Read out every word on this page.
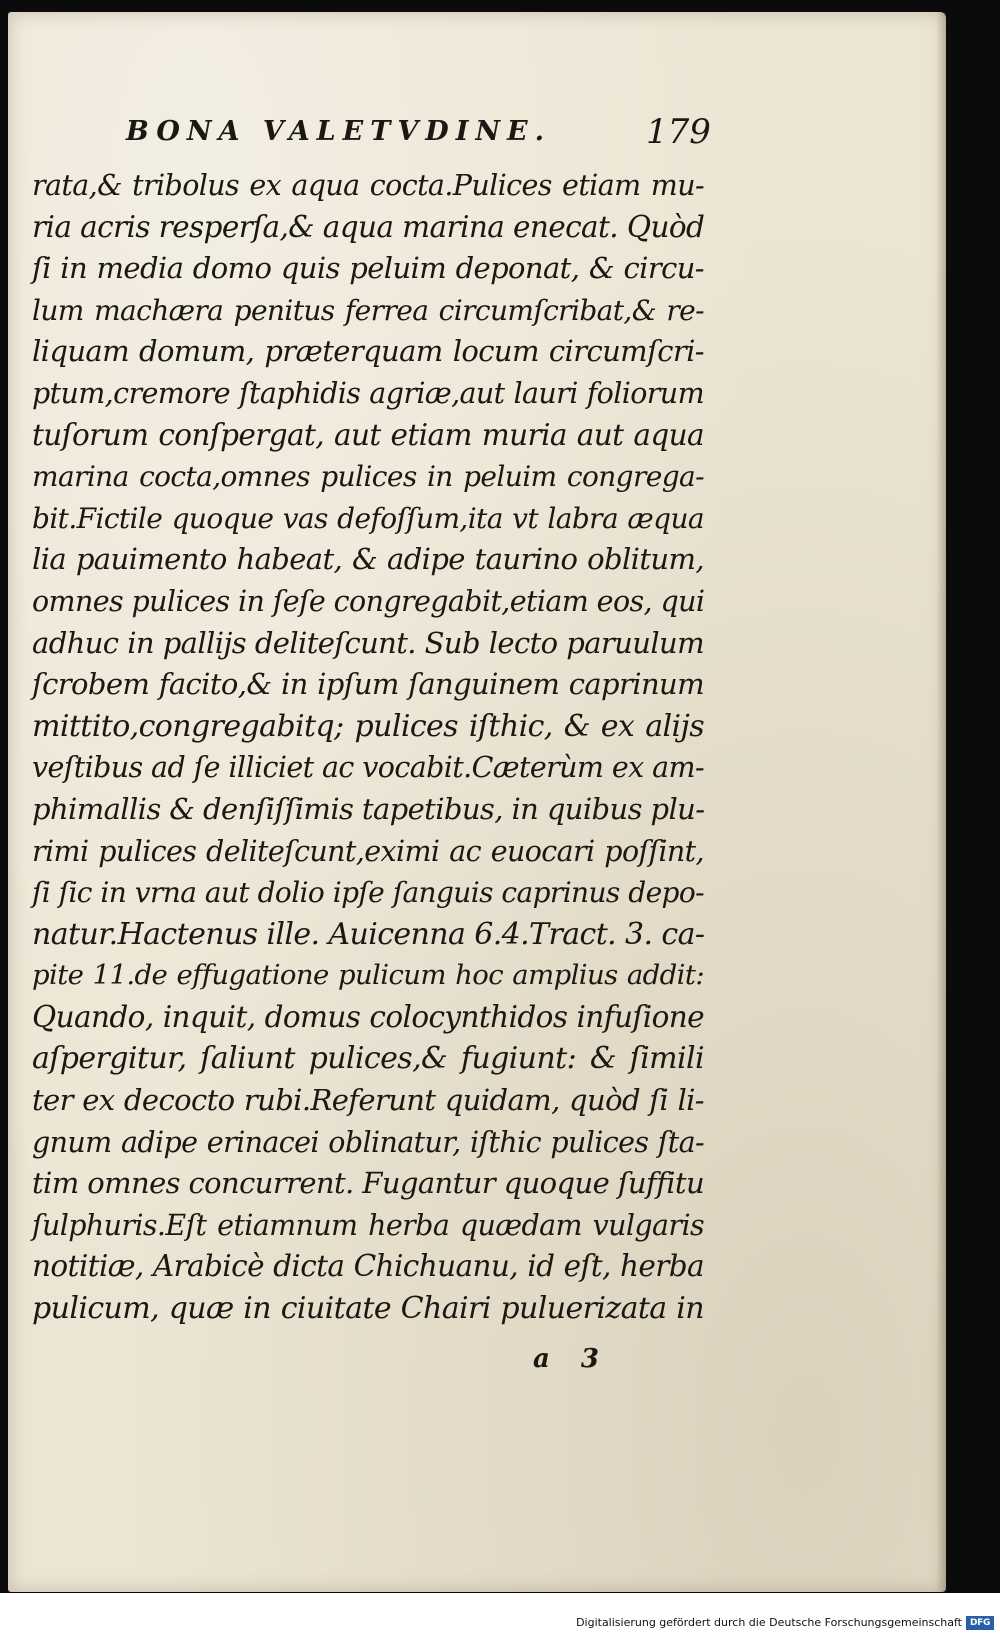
BONA VALETVDINE.	179
rata,& tribolus ex aqua cocta.Pulices etiam mu-
ria acris resperſa,& aqua marina enecat. Quòd
ſi in media domo quis peluim deponat, & circu-
lum machæra penitus ferrea circumſcribat,& re-
liquam domum, præterquam locum circumſcri-
ptum,cremore ſtaphidis agriæ,aut lauri foliorum
tuſorum conſpergat, aut etiam muria aut aqua
marina cocta,omnes pulices in peluim congrega-
bit.Fictile quoque vas defoſſum,ita vt labra æqua
lia pauimento habeat, & adipe taurino oblitum,
omnes pulices in ſeſe congregabit,etiam eos, qui
adhuc in pallijs deliteſcunt. Sub lecto paruulum
ſcrobem facito,& in ipſum ſanguinem caprinum
mittito,congregabitq; pulices iſthic, & ex alijs
veſtibus ad ſe illiciet ac vocabit.Cæterùm ex am-
phimallis & denſiſſimis tapetibus, in quibus plu-
rimi pulices deliteſcunt,eximi ac euocari poſſint,
ſi ſic in vrna aut dolio ipſe ſanguis caprinus depo-
natur.Hactenus ille. Auicenna 6.4.Tract. 3. ca-
pite 11.de effugatione pulicum hoc amplius addit:
Quando, inquit, domus colocynthidos infuſione
aſpergitur, ſaliunt pulices,& fugiunt: & ſimili
ter ex decocto rubi.Referunt quidam, quòd ſi li-
gnum adipe erinacei oblinatur, iſthic pulices ſta-
tim omnes concurrent. Fugantur quoque ſuffitu
ſulphuris.Eſt etiamnum herba quædam vulgaris
notitiæ, Arabicè dicta Chichuanu, id eſt, herba
pulicum, quæ in ciuitate Chairi puluerizata in
a 3
Digitalisierung gefördert durch die Deutsche Forschungsgemeinschaft DFG
